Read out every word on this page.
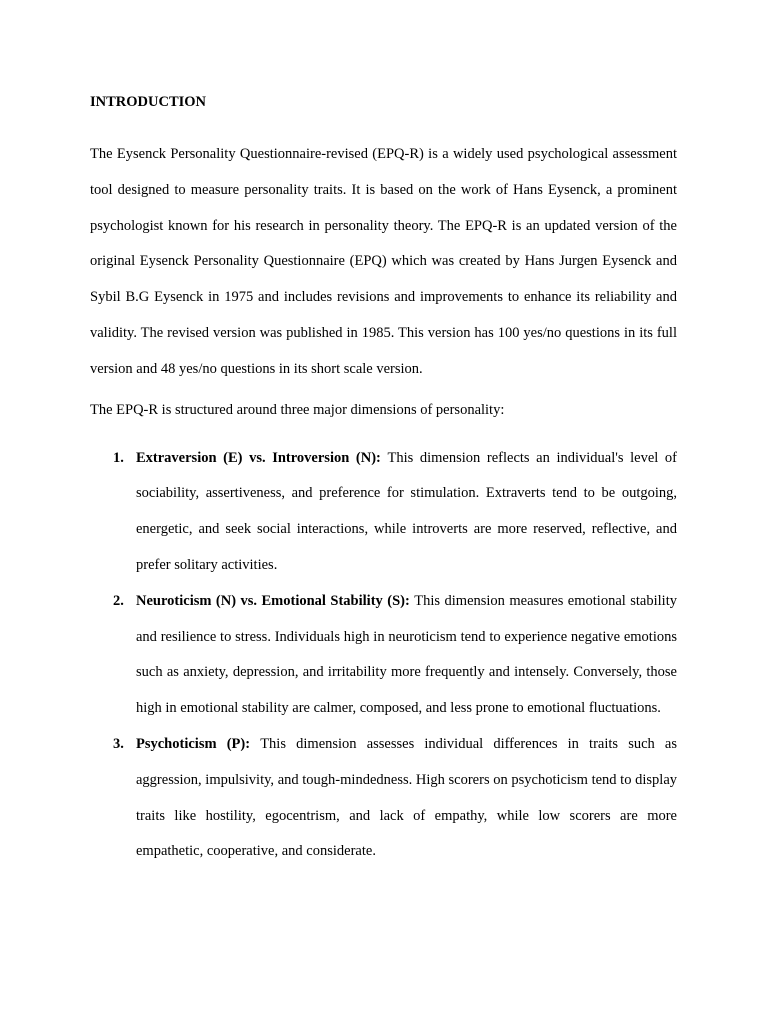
INTRODUCTION

The Eysenck Personality Questionnaire-revised (EPQ-R) is a widely used psychological assessment tool designed to measure personality traits. It is based on the work of Hans Eysenck, a prominent psychologist known for his research in personality theory. The EPQ-R is an updated version of the original Eysenck Personality Questionnaire (EPQ) which was created by Hans Jurgen Eysenck and Sybil B.G Eysenck in 1975 and includes revisions and improvements to enhance its reliability and validity. The revised version was published in 1985. This version has 100 yes/no questions in its full version and 48 yes/no questions in its short scale version.

The EPQ-R is structured around three major dimensions of personality:

1. Extraversion (E) vs. Introversion (N): This dimension reflects an individual's level of sociability, assertiveness, and preference for stimulation. Extraverts tend to be outgoing, energetic, and seek social interactions, while introverts are more reserved, reflective, and prefer solitary activities.
2. Neuroticism (N) vs. Emotional Stability (S): This dimension measures emotional stability and resilience to stress. Individuals high in neuroticism tend to experience negative emotions such as anxiety, depression, and irritability more frequently and intensely. Conversely, those high in emotional stability are calmer, composed, and less prone to emotional fluctuations.
3. Psychoticism (P): This dimension assesses individual differences in traits such as aggression, impulsivity, and tough-mindedness. High scorers on psychoticism tend to display traits like hostility, egocentrism, and lack of empathy, while low scorers are more empathetic, cooperative, and considerate.
